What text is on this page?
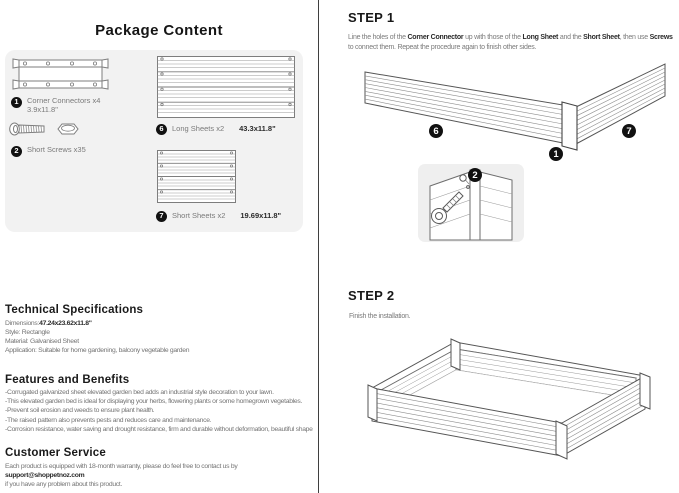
Package Content
1	Corner Connectors x4
3.9x11.8"
2	Short Screws x35
6	Long Sheets x2 43.3x11.8"
7	Short Sheets x2 19.69x11.8"
Technical Specifications
Dimensions:47.24x23.62x11.8"
Style: Rectangle
Material: Galvanised Sheet
Application: Suitable for home gardening, balcony vegetable garden
Features and Benefits
-Corrugated galvanized sheet elevated garden bed adds an industrial style decoration to your lawn.
-This elevated garden bed is ideal for displaying your herbs, flowering plants or some homegrown vegetables.
-Prevent soil erosion and weeds to ensure plant health.
-The raised pattern also prevents pests and reduces care and maintenance.
-Corrosion resistance, water saving and drought resistance, firm and durable without deformation, beautiful shape
Customer Service
Each product is equipped with 18-month warranty, please do feel free to contact us by support@shoppetnoz.com
if you have any problem about this product.
STEP 1
Line the holes of the Corner Connector up with those of the Long Sheet and the Short Sheet, then use Screws
to connect them. Repeat the procedure again to finish other sides.
6
1
7
2
STEP 2
Finish the installation.
